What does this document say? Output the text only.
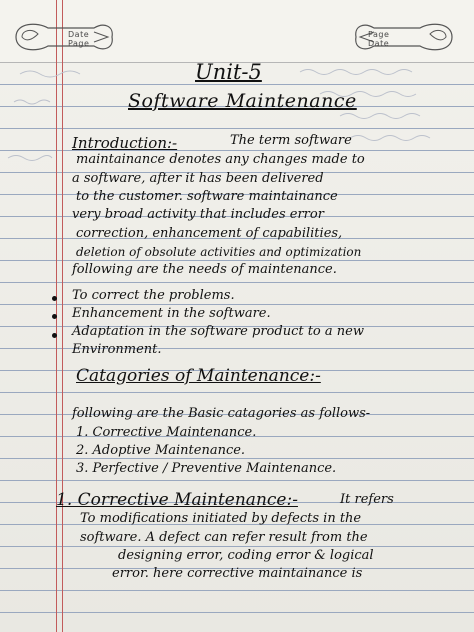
Date
Page
Page
Date
Unit-5
Software Maintenance
Introduction:-	The term software
maintainance denotes any changes made to
a software, after it has been delivered
to the customer. software maintainance
very broad activity that includes error
correction, enhancement of capabilities,
deletion of obsolute activities and optimization
following are the needs of maintenance.
To correct the problems.
Enhancement in the software.
Adaptation in the software product to a new
Environment.
Catagories of Maintenance:-
following are the Basic catagories as follows-
1. Corrective Maintenance.
2. Adoptive Maintenance.
3. Perfective / Preventive Maintenance.
1. Corrective Maintenance:-	It refers
To modifications initiated by defects in the
software. A defect can refer result from the
designing error, coding error & logical
error. here corrective maintainance is
